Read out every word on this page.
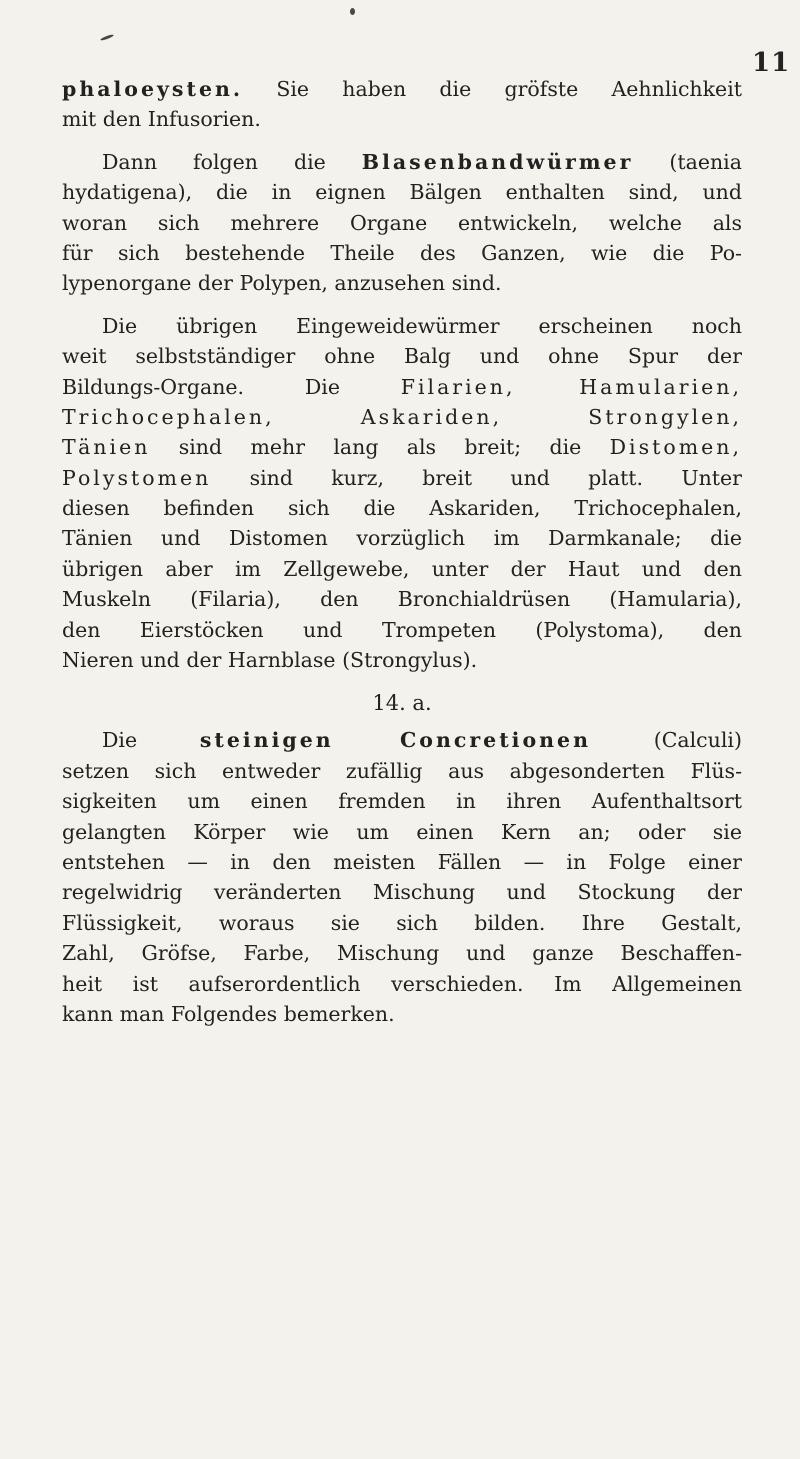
11
phaloeysten. Sie haben die gröfste Aehnlichkeit
mit den Infusorien.
Dann folgen die Blasenbandwürmer (taenia
hydatigena), die in eignen Bälgen enthalten sind, und
woran sich mehrere Organe entwickeln, welche als
für sich bestehende Theile des Ganzen, wie die Po-
lypenorgane der Polypen, anzusehen sind.
Die übrigen Eingeweidewürmer erscheinen noch
weit selbstständiger ohne Balg und ohne Spur der
Bildungs-Organe. Die	Filarien, Hamularien,
Trichocephalen, Askariden, Strongylen,
Tänien sind mehr lang als breit; die Distomen,
Polystomen sind kurz, breit und platt. Unter
diesen befinden sich die Askariden, Trichocephalen,
Tänien und Distomen vorzüglich im Darmkanale; die
übrigen aber im Zellgewebe, unter der Haut und den
Muskeln (Filaria), den Bronchialdrüsen (Hamularia),
den Eierstöcken und Trompeten (Polystoma), den
Nieren und der Harnblase (Strongylus).
14. a.
Die	steinigen Concretionen	(Calculi)
setzen sich entweder zufällig aus abgesonderten Flüs-
sigkeiten um einen fremden in ihren Aufenthaltsort
gelangten Körper wie um einen Kern an; oder sie
entstehen — in den meisten Fällen — in Folge einer
regelwidrig veränderten Mischung und Stockung der
Flüssigkeit, woraus sie sich bilden. Ihre Gestalt,
Zahl, Gröfse, Farbe, Mischung und ganze Beschaffen-
heit ist aufserordentlich verschieden. Im Allgemeinen
kann man Folgendes bemerken.
